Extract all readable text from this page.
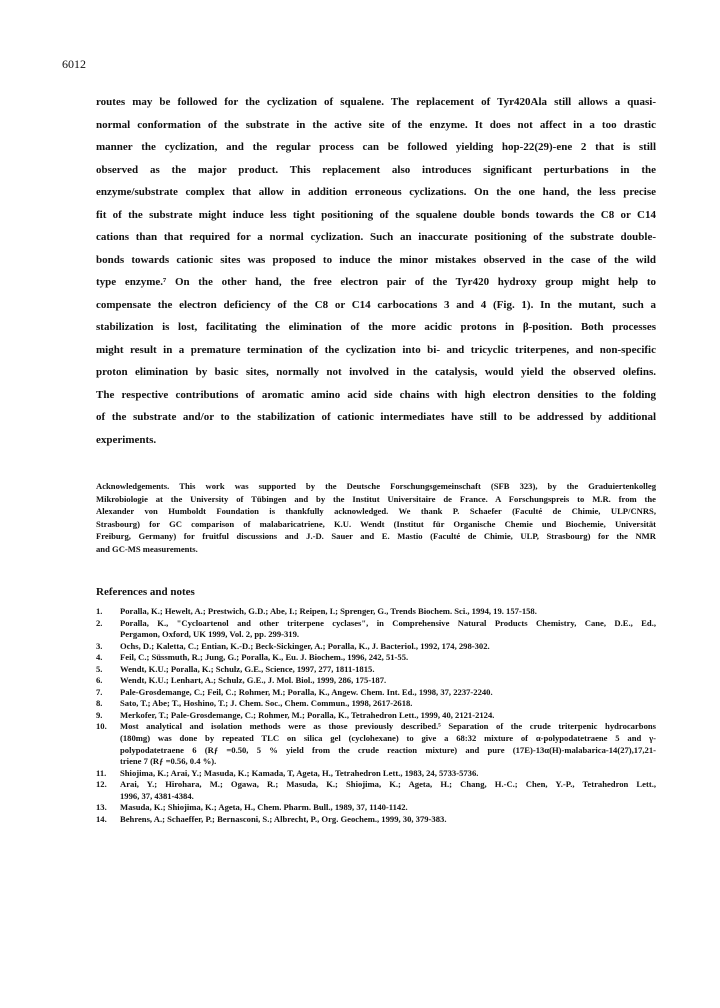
6012
routes may be followed for the cyclization of squalene. The replacement of Tyr420Ala still allows a quasi-
normal conformation of the substrate in the active site of the enzyme. It does not affect in a too drastic
manner the cyclization, and the regular process can be followed yielding hop-22(29)-ene 2 that is still
observed as the major product. This replacement also introduces significant perturbations in the
enzyme/substrate complex that allow in addition erroneous cyclizations. On the one hand, the less precise
fit of the substrate might induce less tight positioning of the squalene double bonds towards the C8 or C14
cations than that required for a normal cyclization. Such an inaccurate positioning of the substrate double-
bonds towards cationic sites was proposed to induce the minor mistakes observed in the case of the wild
type enzyme.⁷ On the other hand, the free electron pair of the Tyr420 hydroxy group might help to
compensate the electron deficiency of the C8 or C14 carbocations 3 and 4 (Fig. 1). In the mutant, such a
stabilization is lost, facilitating the elimination of the more acidic protons in β-position. Both processes
might result in a premature termination of the cyclization into bi- and tricyclic triterpenes, and non-specific
proton elimination by basic sites, normally not involved in the catalysis, would yield the observed olefins.
The respective contributions of aromatic amino acid side chains with high electron densities to the folding
of the substrate and/or to the stabilization of cationic intermediates have still to be addressed by additional
experiments.
Acknowledgements. This work was supported by the Deutsche Forschungsgemeinschaft (SFB 323), by the Graduiertenkolleg
Mikrobiologie at the University of Tübingen and by the Institut Universitaire de France. A Forschungspreis to M.R. from the
Alexander von Humboldt Foundation is thankfully acknowledged. We thank P. Schaefer (Faculté de Chimie, ULP/CNRS,
Strasbourg) for GC comparison of malabaricatriene, K.U. Wendt (Institut für Organische Chemie und Biochemie, Universität
Freiburg, Germany) for fruitful discussions and J.-D. Sauer and E. Mastio (Faculté de Chimie, ULP, Strasbourg) for the NMR
and GC-MS measurements.
References and notes
1.	Poralla, K.; Hewelt, A.; Prestwich, G.D.; Abe, I.; Reipen, I.; Sprenger, G., Trends Biochem. Sci., 1994, 19. 157-158.
2.	Poralla, K., "Cycloartenol and other triterpene cyclases", in Comprehensive Natural Products Chemistry, Cane, D.E., Ed.,
Pergamon, Oxford, UK 1999, Vol. 2, pp. 299-319.
3.	Ochs, D.; Kaletta, C.; Entian, K.-D.; Beck-Sickinger, A.; Poralla, K., J. Bacteriol., 1992, 174, 298-302.
4.	Feil, C.; Süssmuth, R.; Jung, G.; Poralla, K., Eu. J. Biochem., 1996, 242, 51-55.
5.	Wendt, K.U.; Poralla, K.; Schulz, G.E., Science, 1997, 277, 1811-1815.
6.	Wendt, K.U.; Lenhart, A.; Schulz, G.E., J. Mol. Biol., 1999, 286, 175-187.
7.	Pale-Grosdemange, C.; Feil, C.; Rohmer, M.; Poralla, K., Angew. Chem. Int. Ed., 1998, 37, 2237-2240.
8.	Sato, T.; Abe; T., Hoshino, T.; J. Chem. Soc., Chem. Commun., 1998, 2617-2618.
9.	Merkofer, T.; Pale-Grosdemange, C.; Rohmer, M.; Poralla, K., Tetrahedron Lett., 1999, 40, 2121-2124.
10.	Most analytical and isolation methods were as those previously described.⁵ Separation of the crude triterpenic hydrocarbons
(180mg) was done by repeated TLC on silica gel (cyclohexane) to give a 68:32 mixture of α-polypodatetraene 5 and γ-
polypodatetraene 6 (Rƒ =0.50, 5 % yield from the crude reaction mixture) and pure (17E)-13α(H)-malabarica-14(27),17,21-
triene 7 (Rƒ =0.56, 0.4 %).
11.	Shiojima, K.; Arai, Y.; Masuda, K.; Kamada, T, Ageta, H., Tetrahedron Lett., 1983, 24, 5733-5736.
12.	Arai, Y.; Hirohara, M.; Ogawa, R.; Masuda, K.; Shiojima, K.; Ageta, H.; Chang, H.-C.; Chen, Y.-P., Tetrahedron Lett.,
1996, 37, 4381-4384.
13.	Masuda, K.; Shiojima, K.; Ageta, H., Chem. Pharm. Bull., 1989, 37, 1140-1142.
14.	Behrens, A.; Schaeffer, P.; Bernasconi, S.; Albrecht, P., Org. Geochem., 1999, 30, 379-383.
